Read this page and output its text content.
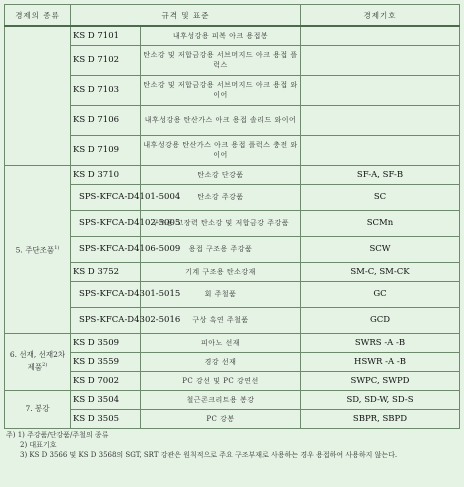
경제의 종류	규격 및 표준		경제기호
	KS D 7101	내후성강용 피복 아크 용접봉	
	KS D 7102	탄소강 및 저합금강용 서브머지드 아크 용접 플럭스	
	KS D 7103	탄소강 및 저합금강용 서브머지드 아크 용접 와이어	
	KS D 7106	내후성강용 탄산가스 아크 용접 솔리드 와이어	
	KS D 7109	내후성강용 탄산가스 아크 용접 플럭스 충전 와이어	
5. 주단조품$^{1)}$	KS D 3710	탄소강 단강품	SF-A, SF-B
	SPS-KFCA-D4101-5004	탄소강 주강품	SC
	SPS-KFCA-D4102-5005	구조용 고장력 탄소강 및 저합금강 주강품	SCMn
	SPS-KFCA-D4106-5009	용접 구조용 주강품	SCW
	KS D 3752	기계 구조용 탄소강재	SM-C, SM-CK
	SPS-KFCA-D4301-5015	회 주철품	GC
	SPS-KFCA-D4302-5016	구상 흑연 주철품	GCD
6. 선재, 선재2차 제품$^{2)}$	KS D 3509	피아노 선재	SWRS -A -B
	KS D 3559	경강 선재	HSWR -A -B
	KS D 7002	PC 강선 및 PC 강연선	SWPC, SWPD
7. 봉강	KS D 3504	철근콘크리트용 봉강	SD, SD-W, SD-S
	KS D 3505	PC 강봉	SBPR, SBPD
주) 1) 주강품/단강품/주철의 종류
2) 대표기호
3) KS D 3566 및 KS D 3568의 SGT, SRT 강관은 원칙적으로 주요 구조부재로 사용하는 경우 용접하여 사용하지 않는다.
